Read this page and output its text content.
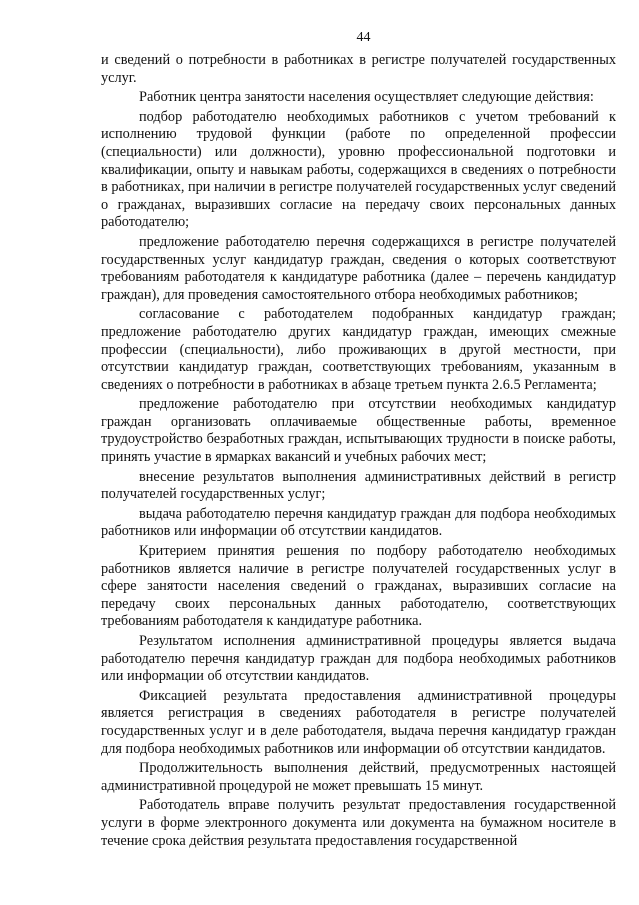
44

и сведений о потребности в работниках в регистре получателей государственных услуг.

Работник центра занятости населения осуществляет следующие действия:

подбор работодателю необходимых работников с учетом требований к исполнению трудовой функции (работе по определенной профессии (специальности) или должности), уровню профессиональной подготовки и квалификации, опыту и навыкам работы, содержащихся в сведениях о потребности в работниках, при наличии в регистре получателей государственных услуг сведений о гражданах, выразивших согласие на передачу своих персональных данных работодателю;

предложение работодателю перечня содержащихся в регистре получателей государственных услуг кандидатур граждан, сведения о которых соответствуют требованиям работодателя к кандидатуре работника (далее – перечень кандидатур граждан), для проведения самостоятельного отбора необходимых работников;

согласование с работодателем подобранных кандидатур граждан; предложение работодателю других кандидатур граждан, имеющих смежные профессии (специальности), либо проживающих в другой местности, при отсутствии кандидатур граждан, соответствующих требованиям, указанным в сведениях о потребности в работниках в абзаце третьем пункта 2.6.5 Регламента;

предложение работодателю при отсутствии необходимых кандидатур граждан организовать оплачиваемые общественные работы, временное трудоустройство безработных граждан, испытывающих трудности в поиске работы, принять участие в ярмарках вакансий и учебных рабочих мест;

внесение результатов выполнения административных действий в регистр получателей государственных услуг;

выдача работодателю перечня кандидатур граждан для подбора необходимых работников или информации об отсутствии кандидатов.

Критерием принятия решения по подбору работодателю необходимых работников является наличие в регистре получателей государственных услуг в сфере занятости населения сведений о гражданах, выразивших согласие на передачу своих персональных данных работодателю, соответствующих требованиям работодателя к кандидатуре работника.

Результатом исполнения административной процедуры является выдача работодателю перечня кандидатур граждан для подбора необходимых работников или информации об отсутствии кандидатов.

Фиксацией результата предоставления административной процедуры является регистрация в сведениях работодателя в регистре получателей государственных услуг и в деле работодателя, выдача перечня кандидатур граждан для подбора необходимых работников или информации об отсутствии кандидатов.

Продолжительность выполнения действий, предусмотренных настоящей административной процедурой не может превышать 15 минут.

Работодатель вправе получить результат предоставления государственной услуги в форме электронного документа или документа на бумажном носителе в течение срока действия результата предоставления государственной
